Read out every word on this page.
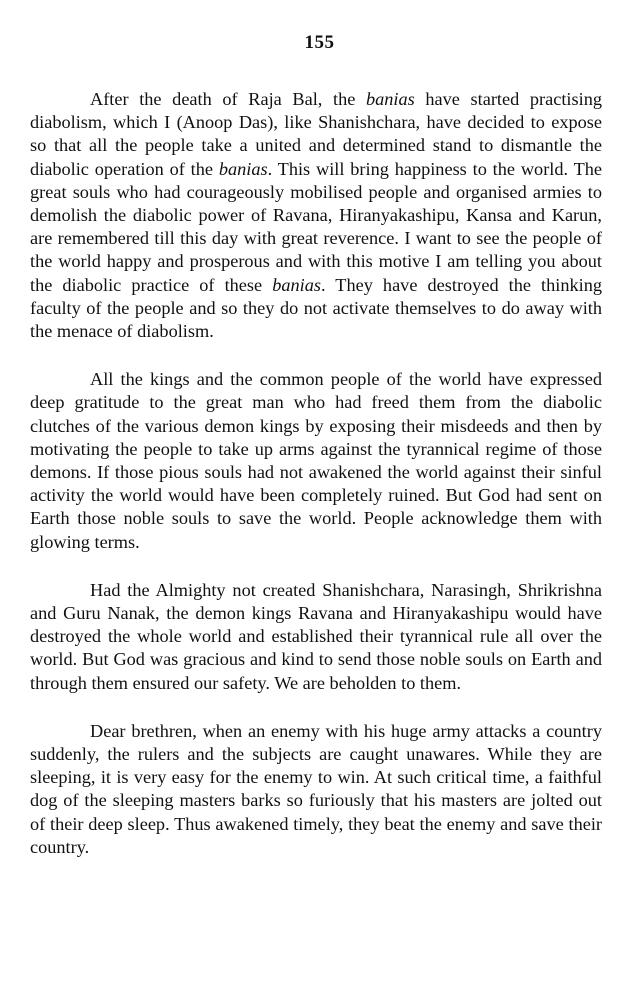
155

After the death of Raja Bal, the banias have started practising diabolism, which I (Anoop Das), like Shanishchara, have decided to expose so that all the people take a united and determined stand to dismantle the diabolic operation of the banias. This will bring happiness to the world. The great souls who had courageously mobilised people and organised armies to demolish the diabolic power of Ravana, Hiranyakashipu, Kansa and Karun, are remembered till this day with great reverence. I want to see the people of the world happy and prosperous and with this motive I am telling you about the diabolic practice of these banias. They have destroyed the thinking faculty of the people and so they do not activate themselves to do away with the menace of diabolism.

All the kings and the common people of the world have expressed deep gratitude to the great man who had freed them from the diabolic clutches of the various demon kings by exposing their misdeeds and then by motivating the people to take up arms against the tyrannical regime of those demons. If those pious souls had not awakened the world against their sinful activity the world would have been completely ruined. But God had sent on Earth those noble souls to save the world. People acknowledge them with glowing terms.

Had the Almighty not created Shanishchara, Narasingh, Shrikrishna and Guru Nanak, the demon kings Ravana and Hiranyakashipu would have destroyed the whole world and established their tyrannical rule all over the world. But God was gracious and kind to send those noble souls on Earth and through them ensured our safety. We are beholden to them.

Dear brethren, when an enemy with his huge army attacks a country suddenly, the rulers and the subjects are caught unawares. While they are sleeping, it is very easy for the enemy to win. At such critical time, a faithful dog of the sleeping masters barks so furiously that his masters are jolted out of their deep sleep. Thus awakened timely, they beat the enemy and save their country.
